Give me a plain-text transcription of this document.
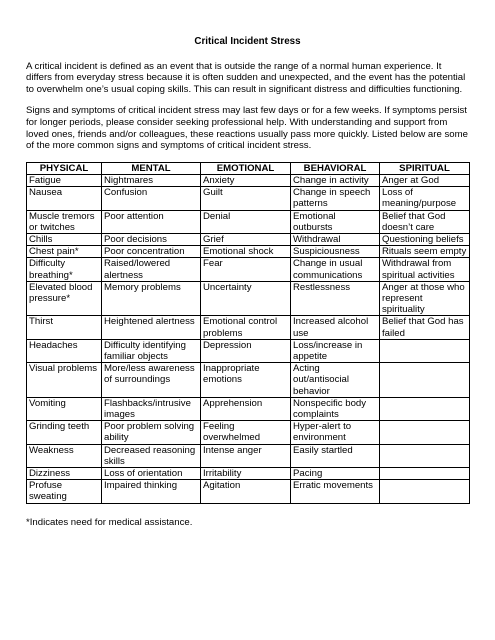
Critical Incident Stress

A critical incident is defined as an event that is outside the range of a normal human experience. It differs from everyday stress because it is often sudden and unexpected, and the event has the potential to overwhelm one’s usual coping skills. This can result in significant distress and difficulties functioning.

Signs and symptoms of critical incident stress may last few days or for a few weeks. If symptoms persist for longer periods, please consider seeking professional help. With understanding and support from loved ones, friends and/or colleagues, these reactions usually pass more quickly. Listed below are some of the more common signs and symptoms of critical incident stress.

PHYSICAL	MENTAL	EMOTIONAL	BEHAVIORAL	SPIRITUAL
Fatigue	Nightmares	Anxiety	Change in activity	Anger at God
Nausea	Confusion	Guilt	Change in speech patterns	Loss of meaning/purpose
Muscle tremors or twitches	Poor attention	Denial	Emotional outbursts	Belief that God doesn’t care
Chills	Poor decisions	Grief	Withdrawal	Questioning beliefs
Chest pain*	Poor concentration	Emotional shock	Suspiciousness	Rituals seem empty
Difficulty breathing*	Raised/lowered alertness	Fear	Change in usual communications	Withdrawal from spiritual activities
Elevated blood pressure*	Memory problems	Uncertainty	Restlessness	Anger at those who represent spirituality
Thirst	Heightened alertness	Emotional control problems	Increased alcohol use	Belief that God has failed
Headaches	Difficulty identifying familiar objects	Depression	Loss/increase in appetite	
Visual problems	More/less awareness of surroundings	Inappropriate emotions	Acting out/antisocial behavior	
Vomiting	Flashbacks/intrusive images	Apprehension	Nonspecific body complaints	
Grinding teeth	Poor problem solving ability	Feeling overwhelmed	Hyper-alert to environment	
Weakness	Decreased reasoning skills	Intense anger	Easily startled	
Dizziness	Loss of orientation	Irritability	Pacing	
Profuse sweating	Impaired thinking	Agitation	Erratic movements	
*Indicates need for medical assistance.
